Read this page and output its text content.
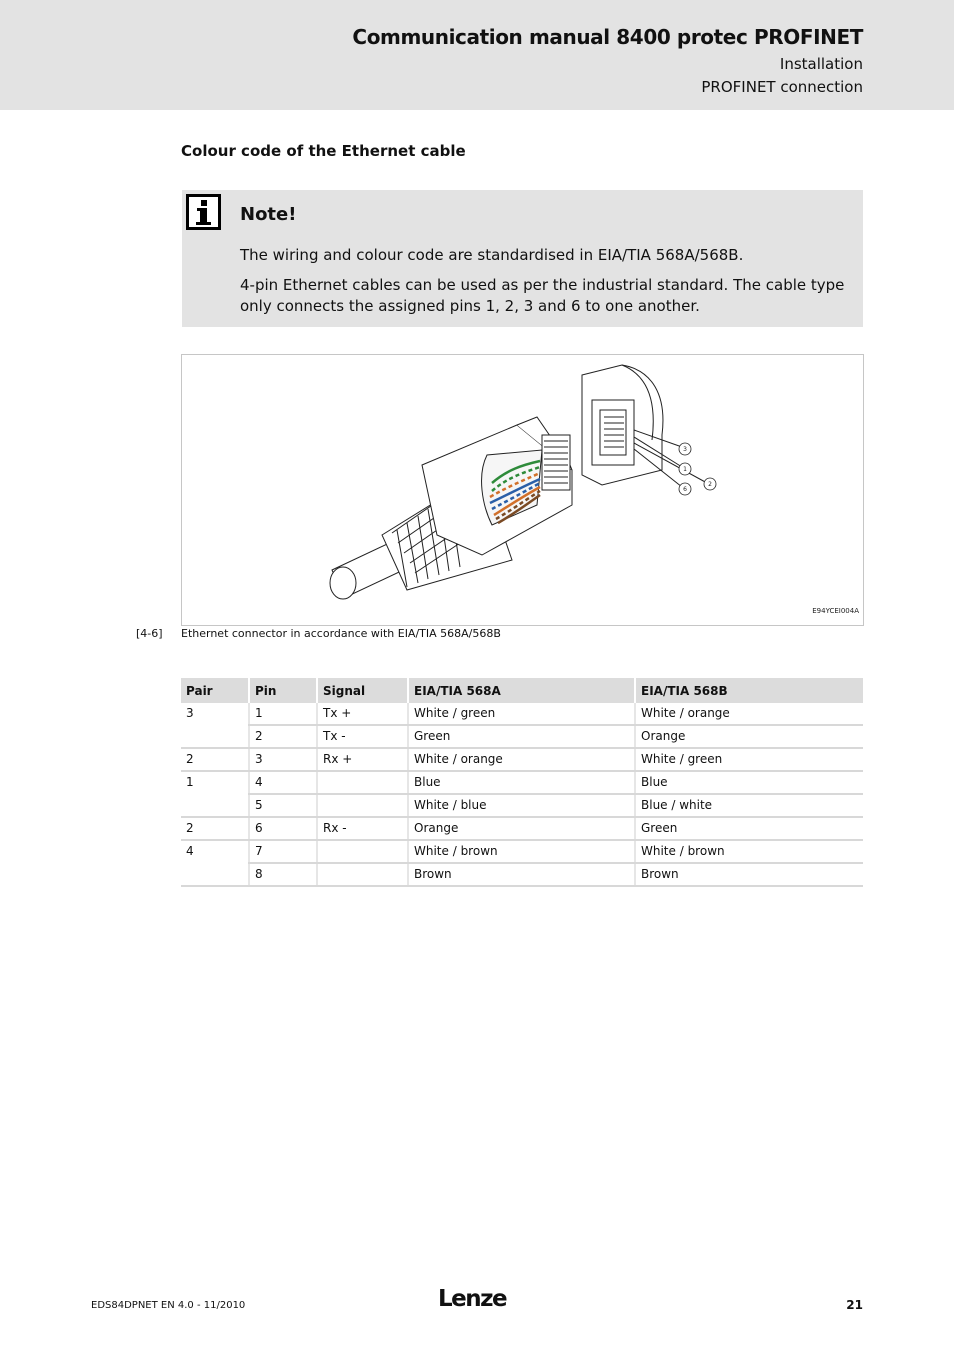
Communication manual 8400 protec PROFINET
Installation
PROFINET connection
Colour code of the Ethernet cable
Note!
The wiring and colour code are standardised in EIA/TIA 568A/568B.
4-pin Ethernet cables can be used as per the industrial standard. The cable type only connects the assigned pins 1, 2, 3 and 6 to one another.
3
1
2
6
E94YCEI004A
[4-6] Ethernet connector in accordance with EIA/TIA 568A/568B
Pair	Pin	Signal	EIA/TIA 568A	EIA/TIA 568B
3	1	Tx +	White / green	White / orange
	2	Tx -	Green	Orange
2	3	Rx +	White / orange	White / green
1	4		Blue	Blue
	5		White / blue	Blue / white
2	6	Rx -	Orange	Green
4	7		White / brown	White / brown
	8		Brown	Brown
EDS84DPNET EN 4.0 - 11/2010	Lenze	21
